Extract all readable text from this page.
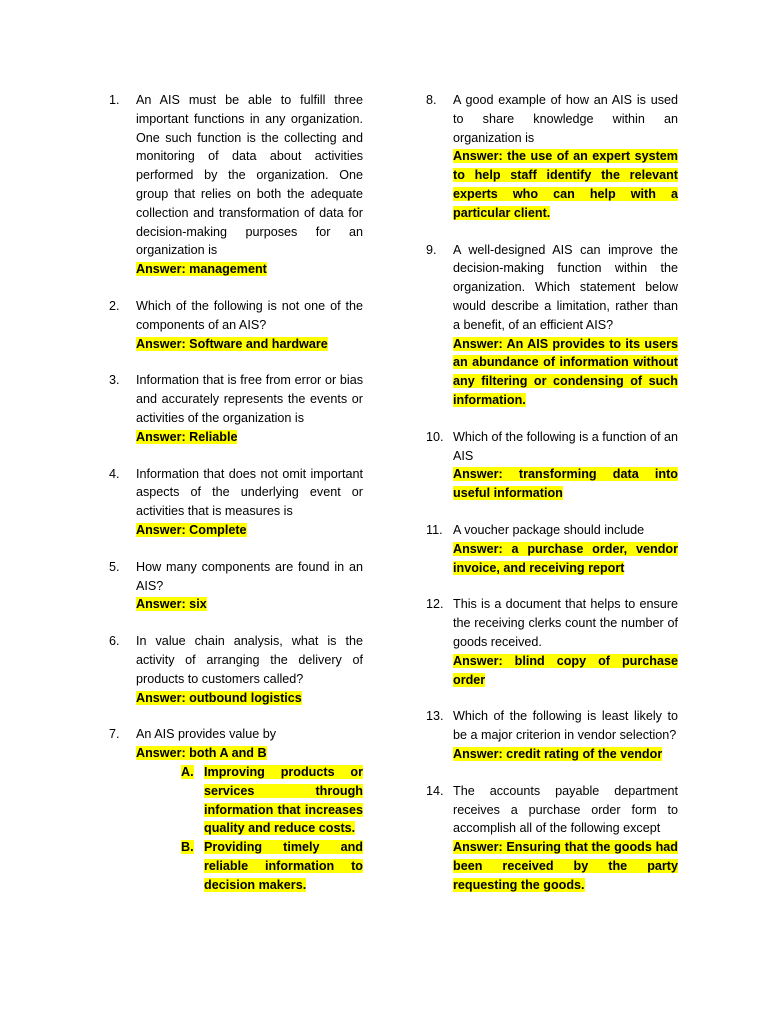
1. An AIS must be able to fulfill three important functions in any organization. One such function is the collecting and monitoring of data about activities performed by the organization. One group that relies on both the adequate collection and transformation of data for decision-making purposes for an organization is
Answer: management
2. Which of the following is not one of the components of an AIS?
Answer: Software and hardware
3. Information that is free from error or bias and accurately represents the events or activities of the organization is
Answer: Reliable
4. Information that does not omit important aspects of the underlying event or activities that is measures is
Answer: Complete
5. How many components are found in an AIS?
Answer: six
6. In value chain analysis, what is the activity of arranging the delivery of products to customers called?
Answer: outbound logistics
7. An AIS provides value by
Answer: both A and B
A. Improving products or services through information that increases quality and reduce costs.
B. Providing timely and reliable information to decision makers.
8. A good example of how an AIS is used to share knowledge within an organization is
Answer: the use of an expert system to help staff identify the relevant experts who can help with a particular client.
9. A well-designed AIS can improve the decision-making function within the organization. Which statement below would describe a limitation, rather than a benefit, of an efficient AIS?
Answer: An AIS provides to its users an abundance of information without any filtering or condensing of such information.
10. Which of the following is a function of an AIS
Answer: transforming data into useful information
11. A voucher package should include
Answer: a purchase order, vendor invoice, and receiving report
12. This is a document that helps to ensure the receiving clerks count the number of goods received.
Answer: blind copy of purchase order
13. Which of the following is least likely to be a major criterion in vendor selection?
Answer: credit rating of the vendor
14. The accounts payable department receives a purchase order form to accomplish all of the following except
Answer: Ensuring that the goods had been received by the party requesting the goods.
